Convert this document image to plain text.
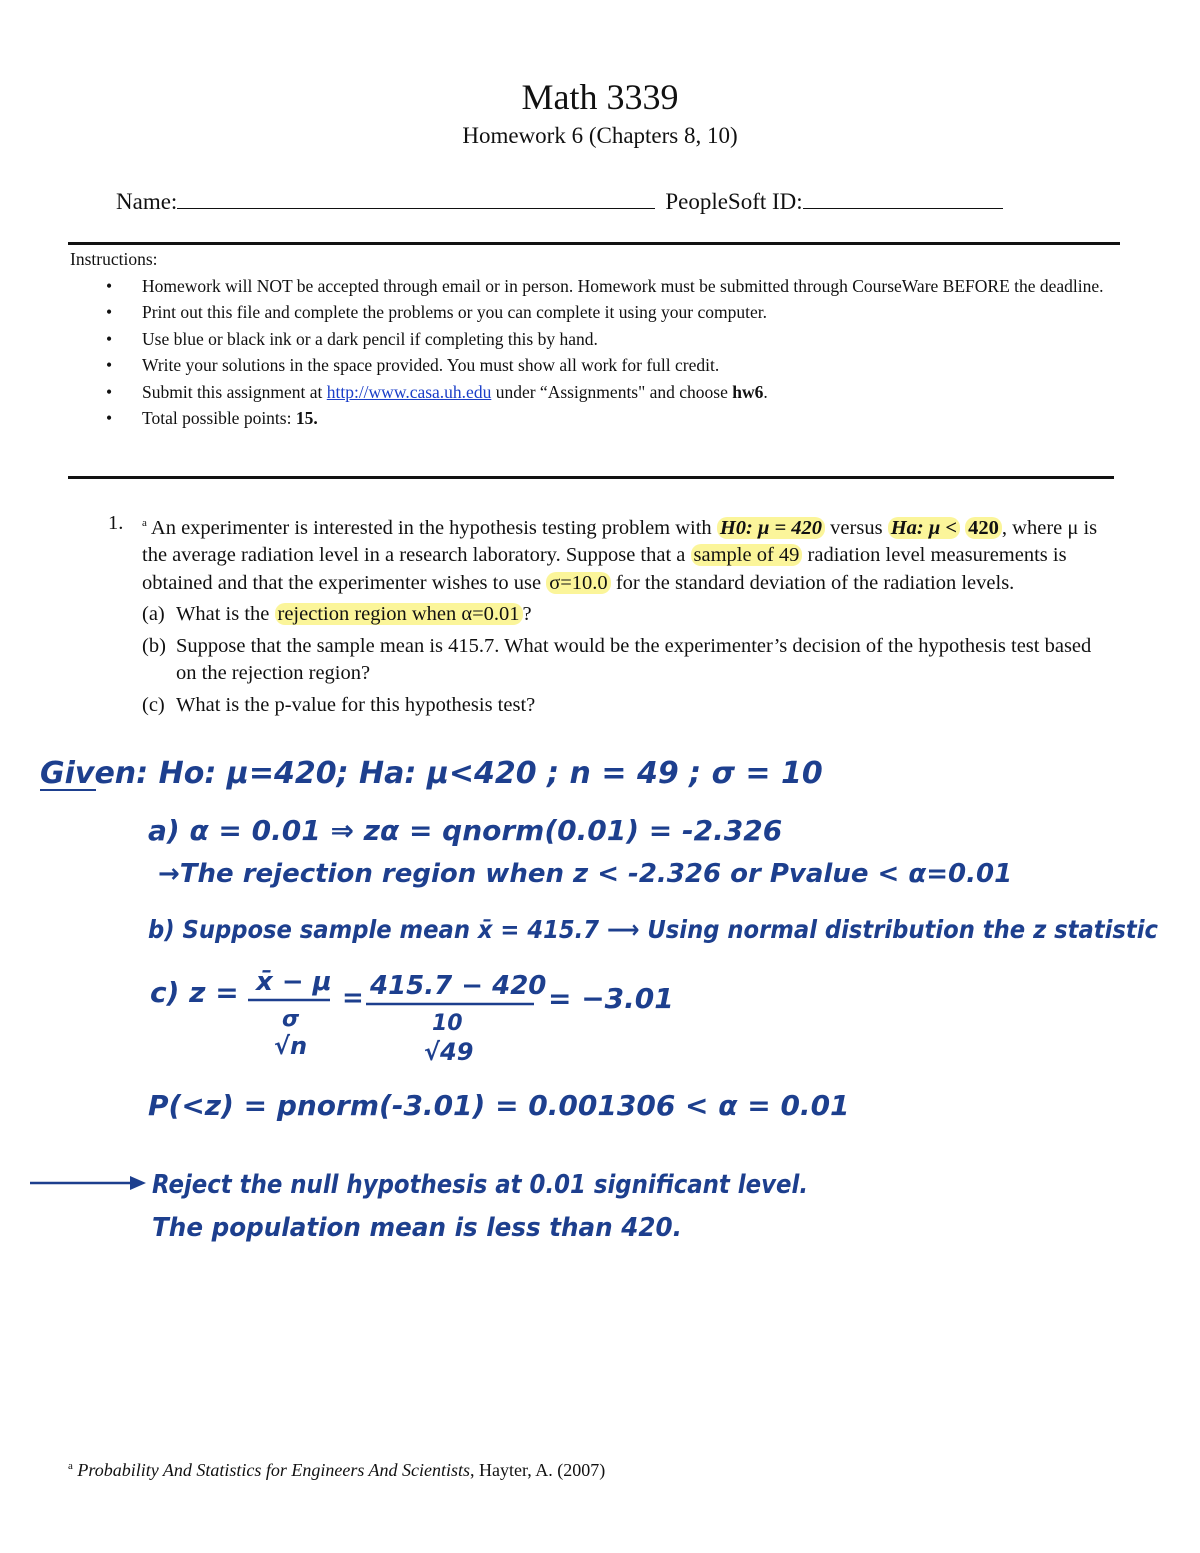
Math 3339
Homework 6 (Chapters 8, 10)
Name:	PeopleSoft ID:
Instructions:
• Homework will NOT be accepted through email or in person. Homework must be submitted through CourseWare BEFORE the deadline.
• Print out this file and complete the problems or you can complete it using your computer.
• Use blue or black ink or a dark pencil if completing this by hand.
• Write your solutions in the space provided. You must show all work for full credit.
• Submit this assignment at http://www.casa.uh.edu under “Assignments" and choose hw6.
• Total possible points: 15.
1. $^a$ An experimenter is interested in the hypothesis testing problem with H0: μ = 420 versus Ha: μ < 420 , where μ is the average radiation level in a research laboratory. Suppose that a sample of 49 radiation level measurements is obtained and that the experimenter wishes to use σ=10.0 for the standard deviation of the radiation levels.
(a) What is the rejection region when α=0.01 ?
(b) Suppose that the sample mean is 415.7. What would be the experimenter’s decision of the hypothesis test based on the rejection region?
(c) What is the p-value for this hypothesis test?
Given: Ho: μ=420; Ha: μ<420 ; n = 49 ; σ = 10
a) α = 0.01 ⇒ zα = qnorm(0.01) = -2.326
→The rejection region when z < -2.326 or Pvalue < α=0.01
b) Suppose sample mean x̄ = 415.7 ⟶ Using normal distribution the z statistic
c) z = x̄ − μ
σ
√n
= 415.7 − 420
10
√49
= −3.01
P(<z) = pnorm(-3.01) = 0.001306 < α = 0.01
Reject the null hypothesis at 0.01 significant level.
The population mean is less than 420.
$^a$ Probability And Statistics for Engineers And Scientists, Hayter, A. (2007)
